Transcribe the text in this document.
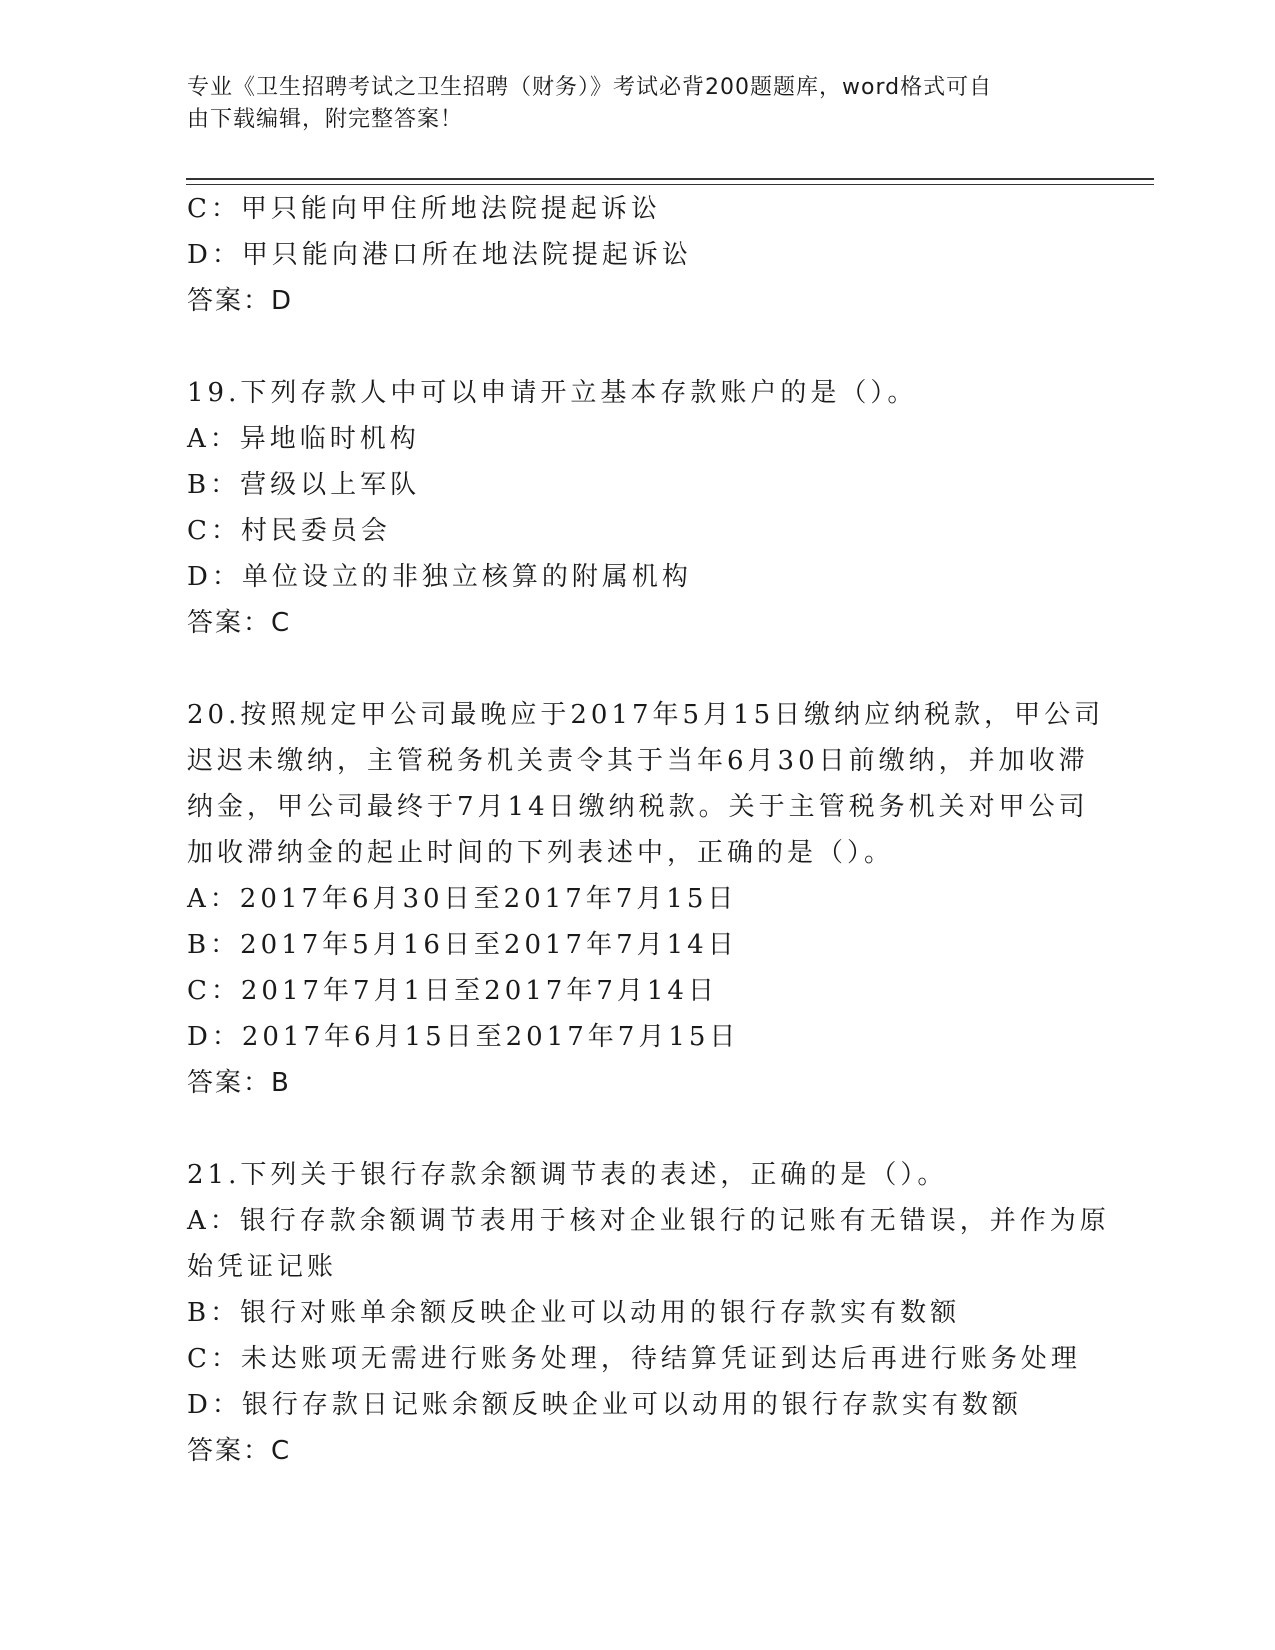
专业《卫生招聘考试之卫生招聘（财务）》考试必背200题题库，word格式可自
由下载编辑，附完整答案！
C：甲只能向甲住所地法院提起诉讼
D：甲只能向港口所在地法院提起诉讼
答案：D
19.下列存款人中可以申请开立基本存款账户的是（）。
A：异地临时机构
B：营级以上军队
C：村民委员会
D：单位设立的非独立核算的附属机构
答案：C
20.按照规定甲公司最晚应于2017年5月15日缴纳应纳税款，甲公司
迟迟未缴纳，主管税务机关责令其于当年6月30日前缴纳，并加收滞
纳金，甲公司最终于7月14日缴纳税款。关于主管税务机关对甲公司
加收滞纳金的起止时间的下列表述中，正确的是（）。
A：2017年6月30日至2017年7月15日
B：2017年5月16日至2017年7月14日
C：2017年7月1日至2017年7月14日
D：2017年6月15日至2017年7月15日
答案：B
21.下列关于银行存款余额调节表的表述，正确的是（）。
A：银行存款余额调节表用于核对企业银行的记账有无错误，并作为原
始凭证记账
B：银行对账单余额反映企业可以动用的银行存款实有数额
C：未达账项无需进行账务处理，待结算凭证到达后再进行账务处理
D：银行存款日记账余额反映企业可以动用的银行存款实有数额
答案：C
